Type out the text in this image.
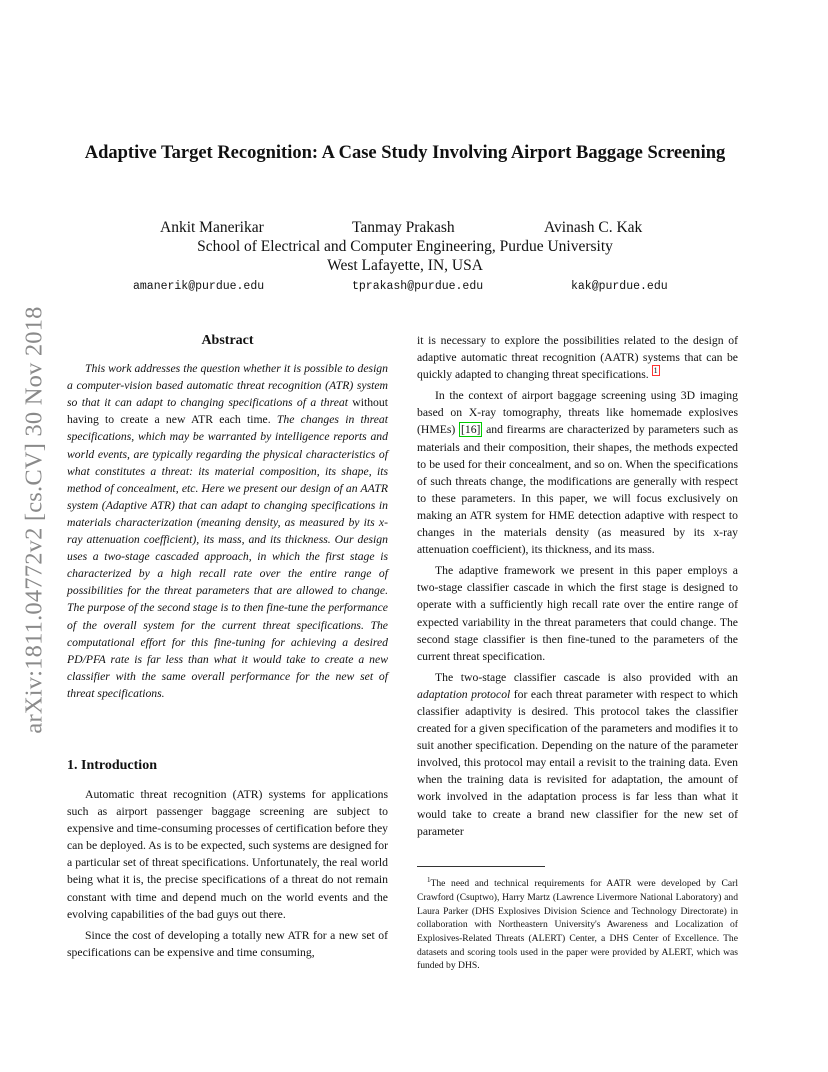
arXiv:1811.04772v2 [cs.CV] 30 Nov 2018
Adaptive Target Recognition: A Case Study Involving Airport Baggage Screening
Ankit Manerikar	Tanmay Prakash	Avinash C. Kak
School of Electrical and Computer Engineering, Purdue University
West Lafayette, IN, USA
amanerik@purdue.edu	tprakash@purdue.edu	kak@purdue.edu
Abstract

This work addresses the question whether it is possible to design a computer-vision based automatic threat recognition (ATR) system so that it can adapt to changing specifications of a threat without having to create a new ATR each time. The changes in threat specifications, which may be warranted by intelligence reports and world events, are typically regarding the physical characteristics of what constitutes a threat: its material composition, its shape, its method of concealment, etc. Here we present our design of an AATR system (Adaptive ATR) that can adapt to changing specifications in materials characterization (meaning density, as measured by its x-ray attenuation coefficient), its mass, and its thickness. Our design uses a two-stage cascaded approach, in which the first stage is characterized by a high recall rate over the entire range of possibilities for the threat parameters that are allowed to change. The purpose of the second stage is to then fine-tune the performance of the overall system for the current threat specifications. The computational effort for this fine-tuning for achieving a desired PD/PFA rate is far less than what it would take to create a new classifier with the same overall performance for the new set of threat specifications.

1. Introduction

Automatic threat recognition (ATR) systems for applications such as airport passenger baggage screening are subject to expensive and time-consuming processes of certification before they can be deployed. As is to be expected, such systems are designed for a particular set of threat specifications. Unfortunately, the real world being what it is, the precise specifications of a threat do not remain constant with time and depend much on the world events and the evolving capabilities of the bad guys out there.

Since the cost of developing a totally new ATR for a new set of specifications can be expensive and time consuming,

it is necessary to explore the possibilities related to the design of adaptive automatic threat recognition (AATR) systems that can be quickly adapted to changing threat specifications. $^1$

In the context of airport baggage screening using 3D imaging based on X-ray tomography, threats like homemade explosives (HMEs) [16] and firearms are characterized by parameters such as materials and their composition, their shapes, the methods expected to be used for their concealment, and so on. When the specifications of such threats change, the modifications are generally with respect to these parameters. In this paper, we will focus exclusively on making an ATR system for HME detection adaptive with respect to changes in the materials density (as measured by its x-ray attenuation coefficient), its thickness, and its mass.

The adaptive framework we present in this paper employs a two-stage classifier cascade in which the first stage is designed to operate with a sufficiently high recall rate over the entire range of expected variability in the threat parameters that could change. The second stage classifier is then fine-tuned to the parameters of the current threat specification.

The two-stage classifier cascade is also provided with an adaptation protocol for each threat parameter with respect to which classifier adaptivity is desired. This protocol takes the classifier created for a given specification of the parameters and modifies it to suit another specification. Depending on the nature of the parameter involved, this protocol may entail a revisit to the training data. Even when the training data is revisited for adaptation, the amount of work involved in the adaptation process is far less than what it would take to create a brand new classifier for the new set of parameter

$^1$The need and technical requirements for AATR were developed by Carl Crawford (Csuptwo), Harry Martz (Lawrence Livermore National Laboratory) and Laura Parker (DHS Explosives Division Science and Technology Directorate) in collaboration with Northeastern University's Awareness and Localization of Explosives-Related Threats (ALERT) Center, a DHS Center of Excellence. The datasets and scoring tools used in the paper were provided by ALERT, which was funded by DHS.
